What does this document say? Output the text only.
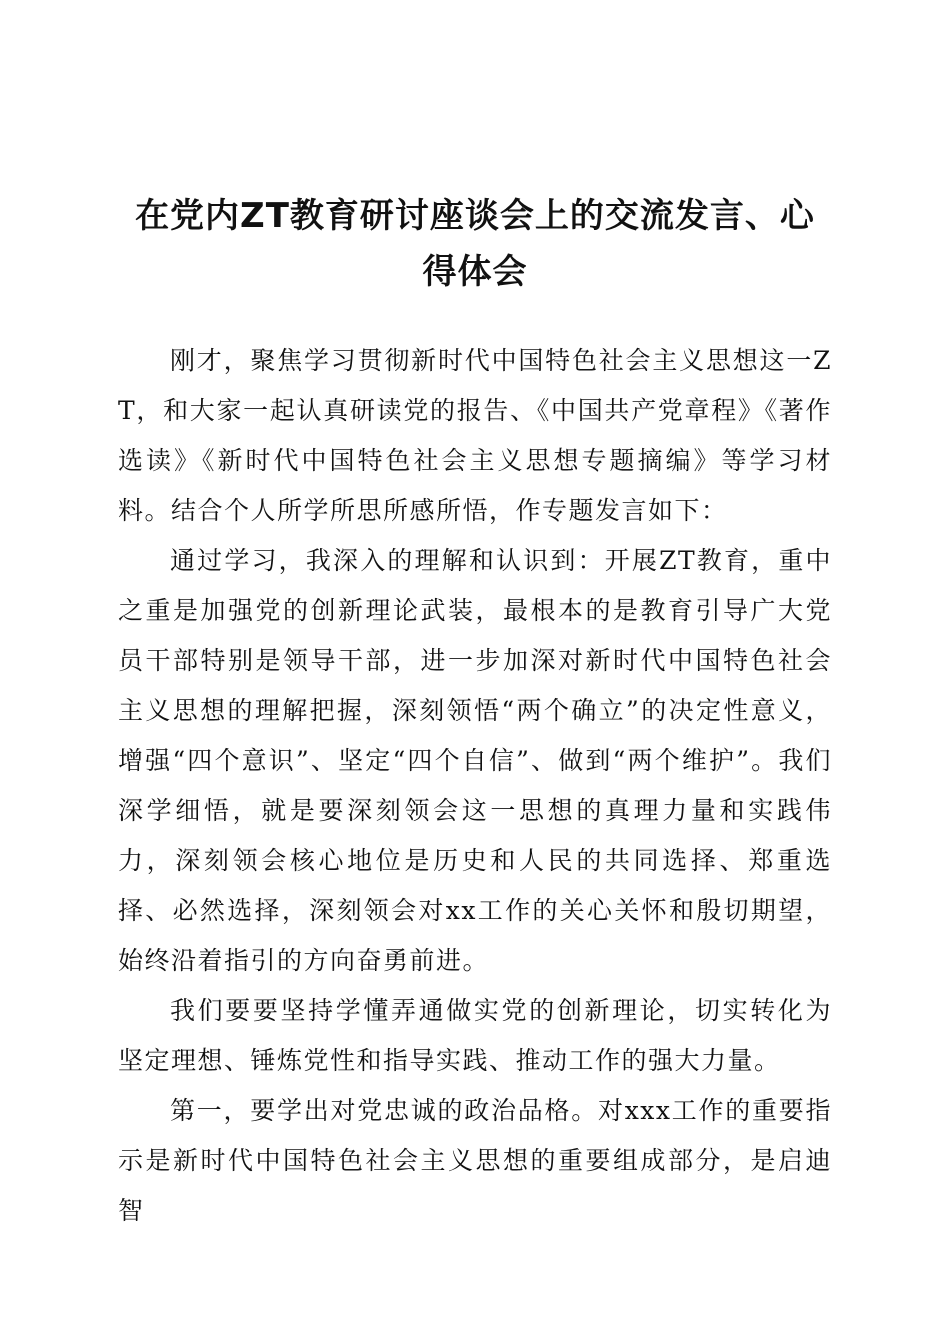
在党内ZT教育研讨座谈会上的交流发言、心得体会

刚才，聚焦学习贯彻新时代中国特色社会主义思想这一ZT，和大家一起认真研读党的报告、《中国共产党章程》《著作选读》《新时代中国特色社会主义思想专题摘编》等学习材料。结合个人所学所思所感所悟，作专题发言如下：

通过学习，我深入的理解和认识到：开展ZT教育，重中之重是加强党的创新理论武装，最根本的是教育引导广大党员干部特别是领导干部，进一步加深对新时代中国特色社会主义思想的理解把握，深刻领悟“两个确立”的决定性意义，增强“四个意识”、坚定“四个自信”、做到“两个维护”。我们深学细悟，就是要深刻领会这一思想的真理力量和实践伟力，深刻领会核心地位是历史和人民的共同选择、郑重选择、必然选择，深刻领会对xx工作的关心关怀和殷切期望，始终沿着指引的方向奋勇前进。

我们要要坚持学懂弄通做实党的创新理论，切实转化为坚定理想、锤炼党性和指导实践、推动工作的强大力量。

第一，要学出对党忠诚的政治品格。对xxx工作的重要指示是新时代中国特色社会主义思想的重要组成部分，是启迪智
